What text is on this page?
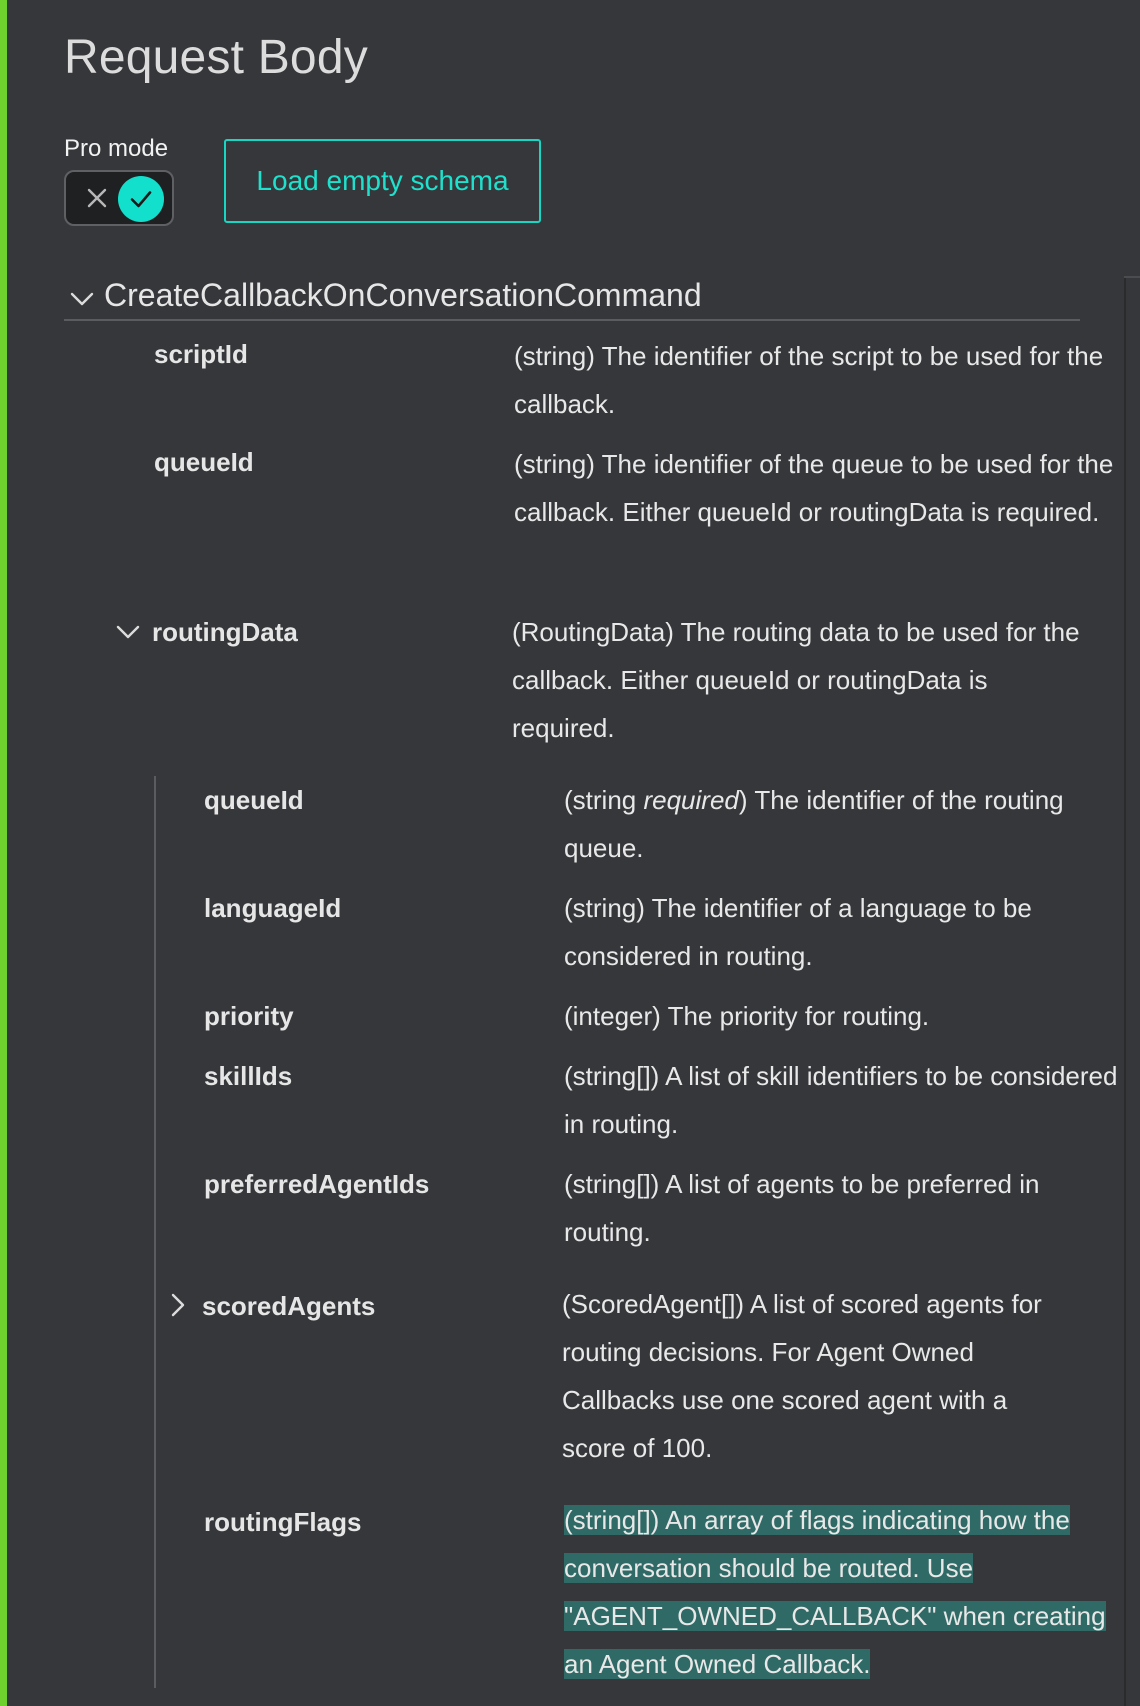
Request Body
Pro mode
Load empty schema
CreateCallbackOnConversationCommand
scriptId	(string) The identifier of the script to be used for the callback.
queueId	(string) The identifier of the queue to be used for the callback. Either queueId or routingData is required.
routingData	(RoutingData) The routing data to be used for the callback. Either queueId or routingData is required.
queueId	(string required) The identifier of the routing queue.
languageId	(string) The identifier of a language to be considered in routing.
priority	(integer) The priority for routing.
skillIds	(string[]) A list of skill identifiers to be considered in routing.
preferredAgentIds	(string[]) A list of agents to be preferred in routing.
scoredAgents	(ScoredAgent[]) A list of scored agents for routing decisions. For Agent Owned Callbacks use one scored agent with a score of 100.
routingFlags	(string[]) An array of flags indicating how the conversation should be routed. Use "AGENT_OWNED_CALLBACK" when creating an Agent Owned Callback.
